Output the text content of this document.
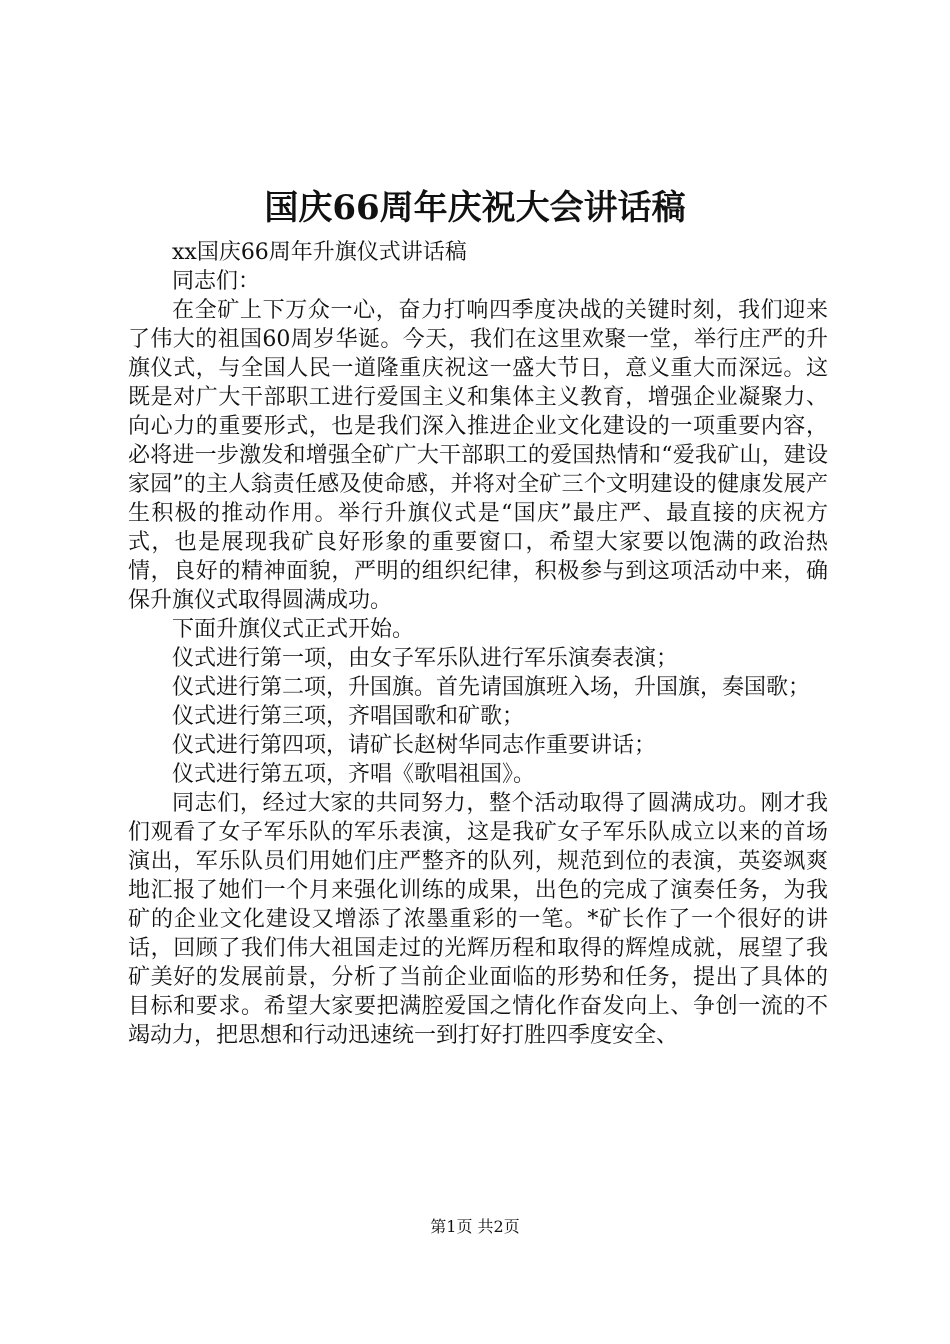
国庆66周年庆祝大会讲话稿

xx国庆66周年升旗仪式讲话稿

同志们：

在全矿上下万众一心，奋力打响四季度决战的关键时刻，我们迎来了伟大的祖国60周岁华诞。今天，我们在这里欢聚一堂，举行庄严的升旗仪式，与全国人民一道隆重庆祝这一盛大节日，意义重大而深远。这既是对广大干部职工进行爱国主义和集体主义教育，增强企业凝聚力、向心力的重要形式，也是我们深入推进企业文化建设的一项重要内容，必将进一步激发和增强全矿广大干部职工的爱国热情和“爱我矿山，建设家园”的主人翁责任感及使命感，并将对全矿三个文明建设的健康发展产生积极的推动作用。举行升旗仪式是“国庆”最庄严、最直接的庆祝方式，也是展现我矿良好形象的重要窗口，希望大家要以饱满的政治热情，良好的精神面貌，严明的组织纪律，积极参与到这项活动中来，确保升旗仪式取得圆满成功。

下面升旗仪式正式开始。

仪式进行第一项，由女子军乐队进行军乐演奏表演；

仪式进行第二项，升国旗。首先请国旗班入场，升国旗，奏国歌；

仪式进行第三项，齐唱国歌和矿歌；

仪式进行第四项，请矿长赵树华同志作重要讲话；

仪式进行第五项，齐唱《歌唱祖国》。

同志们，经过大家的共同努力，整个活动取得了圆满成功。刚才我们观看了女子军乐队的军乐表演，这是我矿女子军乐队成立以来的首场演出，军乐队员们用她们庄严整齐的队列，规范到位的表演，英姿飒爽地汇报了她们一个月来强化训练的成果，出色的完成了演奏任务，为我矿的企业文化建设又增添了浓墨重彩的一笔。*矿长作了一个很好的讲话，回顾了我们伟大祖国走过的光辉历程和取得的辉煌成就，展望了我矿美好的发展前景，分析了当前企业面临的形势和任务，提出了具体的目标和要求。希望大家要把满腔爱国之情化作奋发向上、争创一流的不竭动力，把思想和行动迅速统一到打好打胜四季度安全、

第1页 共2页
